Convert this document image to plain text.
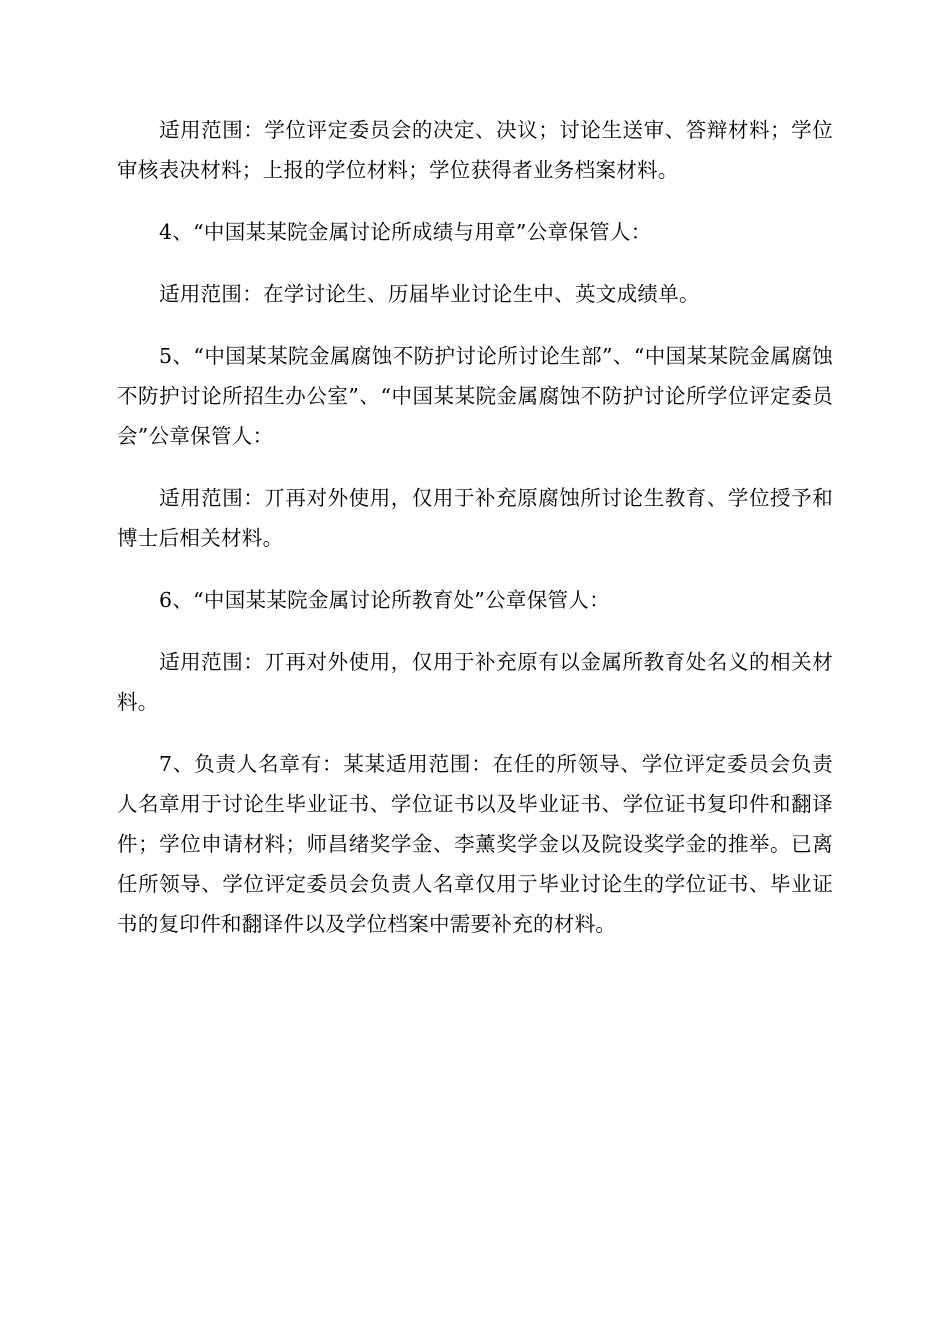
适用范围：学位评定委员会的决定、决议；讨论生送审、答辩材料；学位审核表决材料；上报的学位材料；学位获得者业务档案材料。

4、“中国某某院金属讨论所成绩与用章”公章保管人：

适用范围：在学讨论生、历届毕业讨论生中、英文成绩单。

5、“中国某某院金属腐蚀不防护讨论所讨论生部”、“中国某某院金属腐蚀不防护讨论所招生办公室”、“中国某某院金属腐蚀不防护讨论所学位评定委员会”公章保管人：

适用范围：丌再对外使用，仅用于补充原腐蚀所讨论生教育、学位授予和博士后相关材料。

6、“中国某某院金属讨论所教育处”公章保管人：

适用范围：丌再对外使用，仅用于补充原有以金属所教育处名义的相关材料。

7、负责人名章有：某某适用范围：在任的所领导、学位评定委员会负责人名章用于讨论生毕业证书、学位证书以及毕业证书、学位证书复印件和翻译件；学位申请材料；师昌绪奖学金、李薰奖学金以及院设奖学金的推举。已离任所领导、学位评定委员会负责人名章仅用亍毕业讨论生的学位证书、毕业证书的复印件和翻译件以及学位档案中需要补充的材料。
